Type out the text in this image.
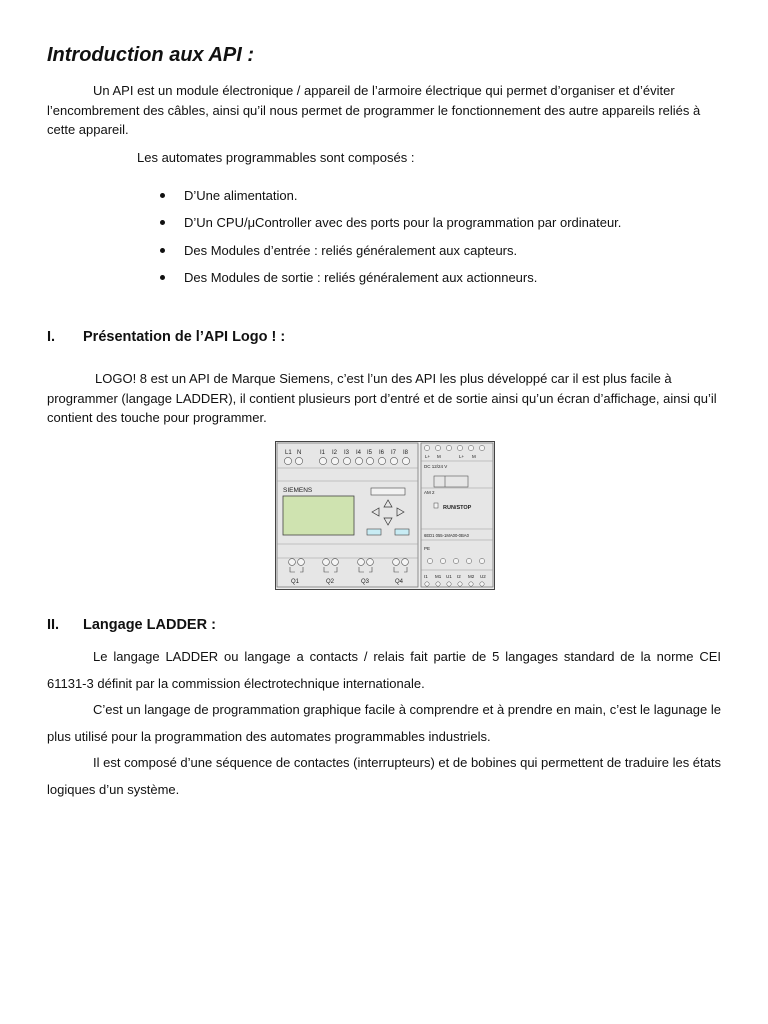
Introduction aux API :

Un API est un module électronique / appareil de l’armoire électrique qui permet d’organiser et d’éviter l’encombrement des câbles, ainsi qu’il nous permet de programmer le fonctionnement des autre appareils reliés à cette appareil.

Les automates programmables sont composés :

D’Une alimentation.
D’Un CPU/μController avec des ports pour la programmation par ordinateur.
Des Modules d’entrée : reliés généralement aux capteurs.
Des Modules de sortie : reliés généralement aux actionneurs.
I. Présentation de l’API Logo ! :

LOGO! 8 est un API de Marque Siemens, c’est l’un des API les plus développé car il est plus facile à programmer (langage LADDER), il contient plusieurs port d’entré et de sortie ainsi qu’un écran d’affichage, ainsi qu’il contient des touche pour programmer.

L1 N	I1 I2 I3 I4 I5 I6 I7 I8
SIEMENS
Q1	Q2	Q3	Q4
L+ M	L+ M
DC 12/24 V
AM 2
RUN/STOP
6ED1 055-1MA00-0BA0
PE
I1 M1 U1 I2 M2 U2
II. Langage LADDER :

Le langage LADDER ou langage a contacts / relais fait partie de 5 langages standard de la norme CEI 61131-3 définit par la commission électrotechnique internationale.

C’est un langage de programmation graphique facile à comprendre et à prendre en main, c’est le lagunage le plus utilisé pour la programmation des automates programmables industriels.

Il est composé d’une séquence de contactes (interrupteurs) et de bobines qui permettent de traduire les états logiques d’un système.
